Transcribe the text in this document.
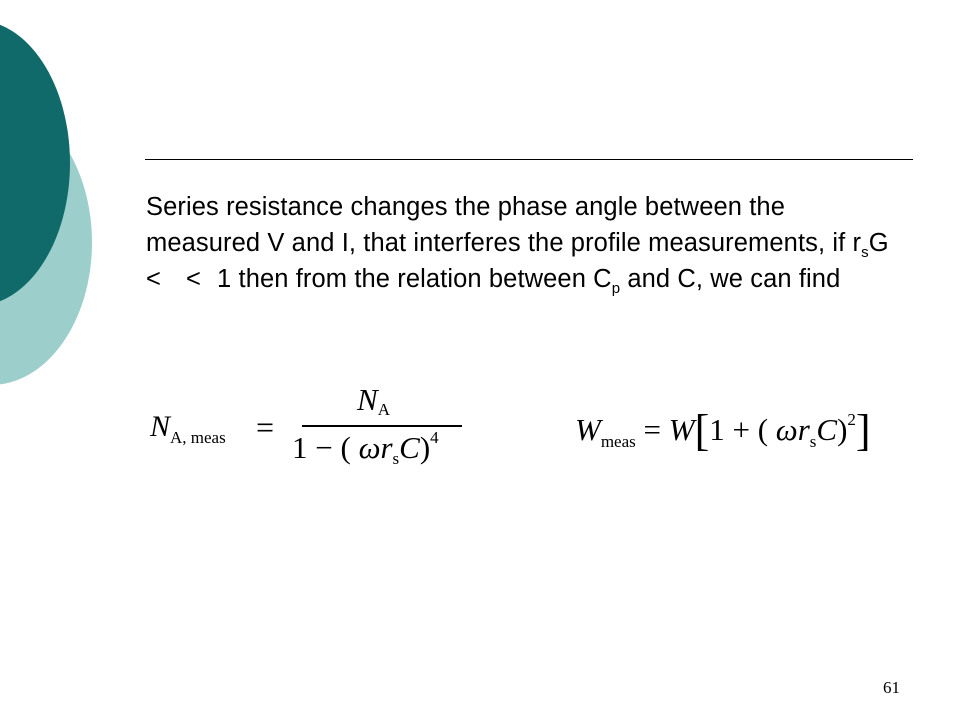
Series resistance changes the phase angle between the measured V and I, that interferes the profile measurements, if $r_sG$ < < 1 then from the relation between $C_p$ and C, we can find
$N_{A, meas}$ =
NA
1 − ( ωrsC)$^4$	$W_{meas} = W[1$ + ( $\omega r_sC)^2$]
61
